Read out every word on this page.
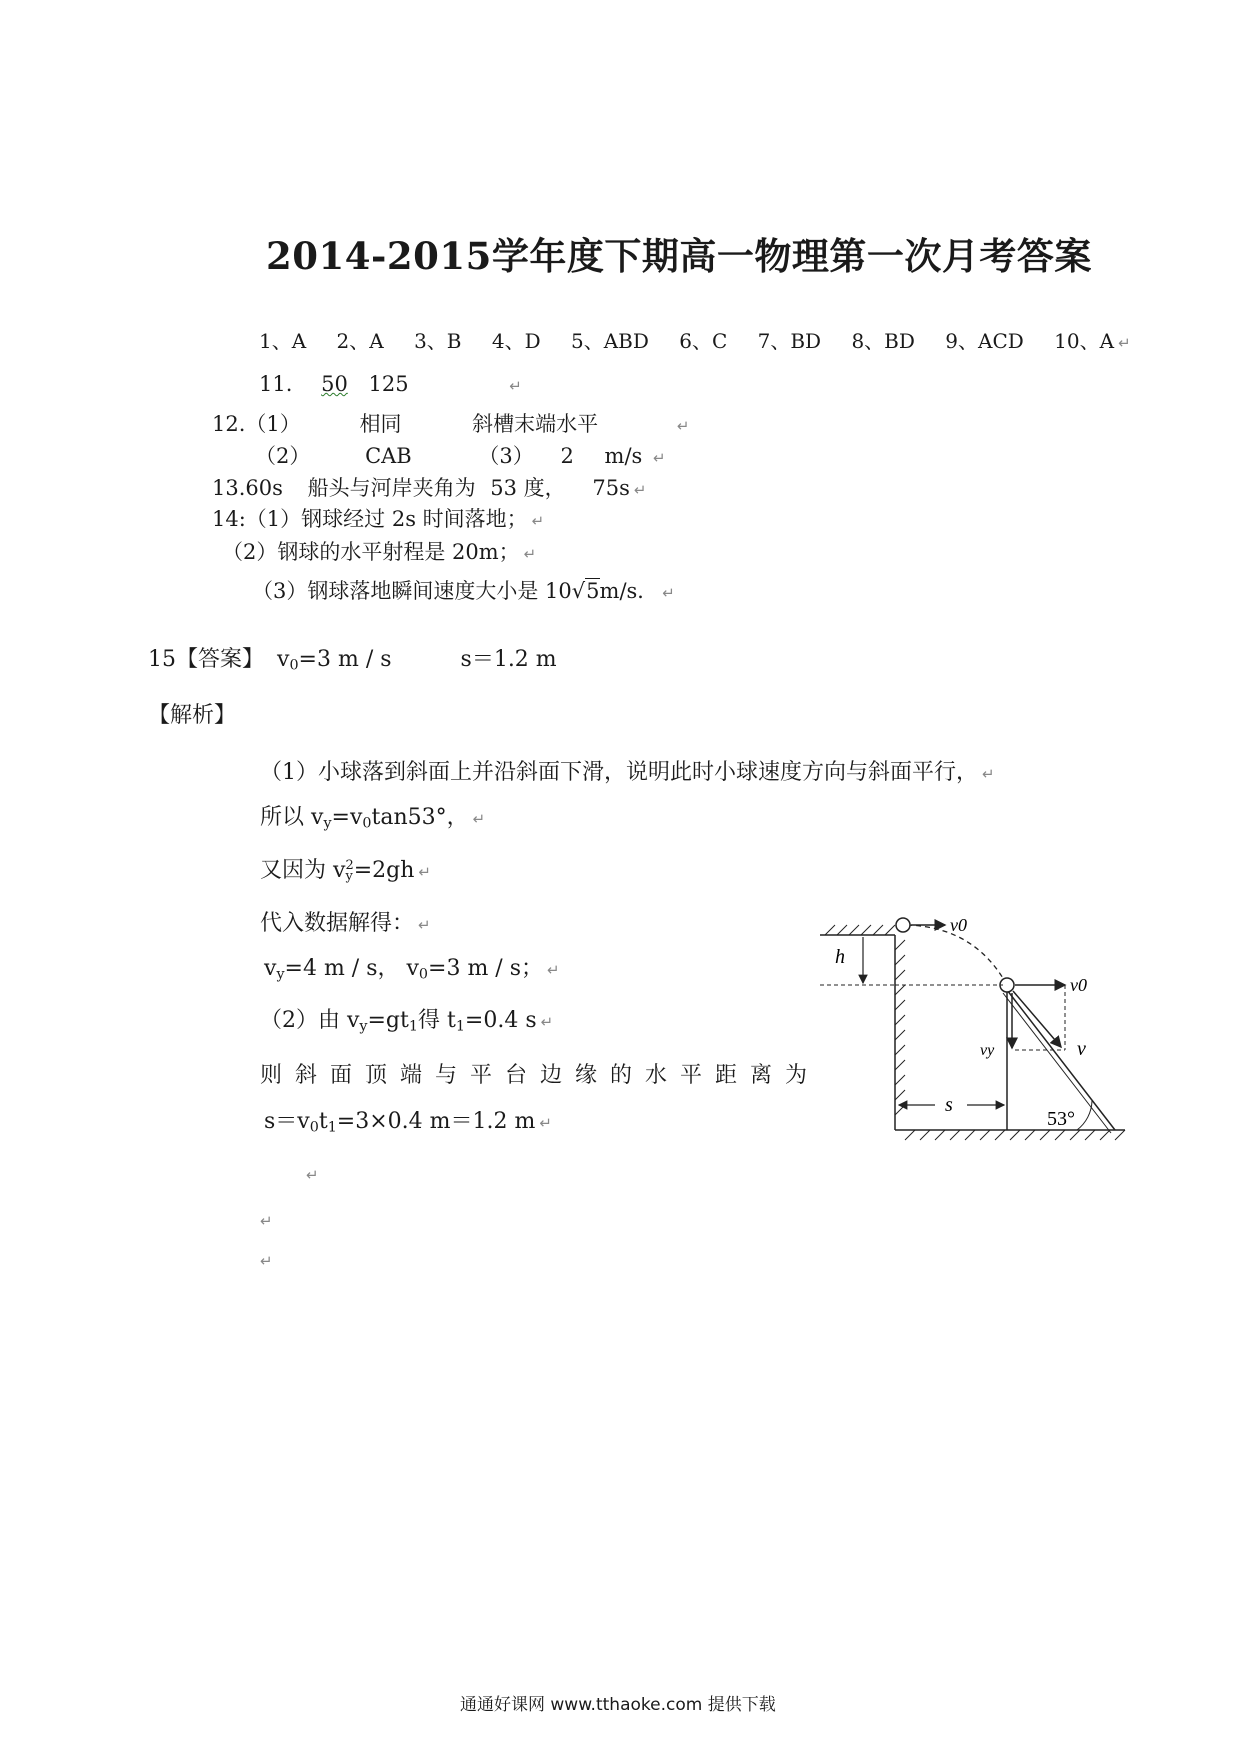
2014-2015学年度下期高一物理第一次月考答案
1、A 2、A 3、B 4、D 5、ABD 6、C 7、BD 8、BD 9、ACD 10、A ↵
11. 50 125	↵
12.（1）	相同	斜槽末端水平	↵
（2）	CAB	（3） 2 m/s ↵
13.60s 船头与河岸夹角为 53 度， 75s ↵
14:（1）钢球经过 2s 时间落地； ↵
（2）钢球的水平射程是 20m； ↵
（3）钢球落地瞬间速度大小是 10√5m/s． ↵
15【答案】 $v_0=3$ m / s	s＝1.2 m
【解析】
（1）小球落到斜面上并沿斜面下滑，说明此时小球速度方向与斜面平行， ↵
所以 $v_y=v_0\tan 53^\circ$， ↵
又因为 v 2
y =2gh ↵
代入数据解得： ↵
$v_y=4$ m / s， $v_0=3$ m / s； ↵
（2）由 $v_y=gt_1$得 $t_1=0.4$ s ↵
则斜面顶端与平台边缘的水平距离为
$s=v_0t_1=3\times 0.4$ m＝1.2 m ↵
↵
↵
↵
v0
h
v0
vy	v
s
53°
通通好课网 www.tthaoke.com 提供下载
